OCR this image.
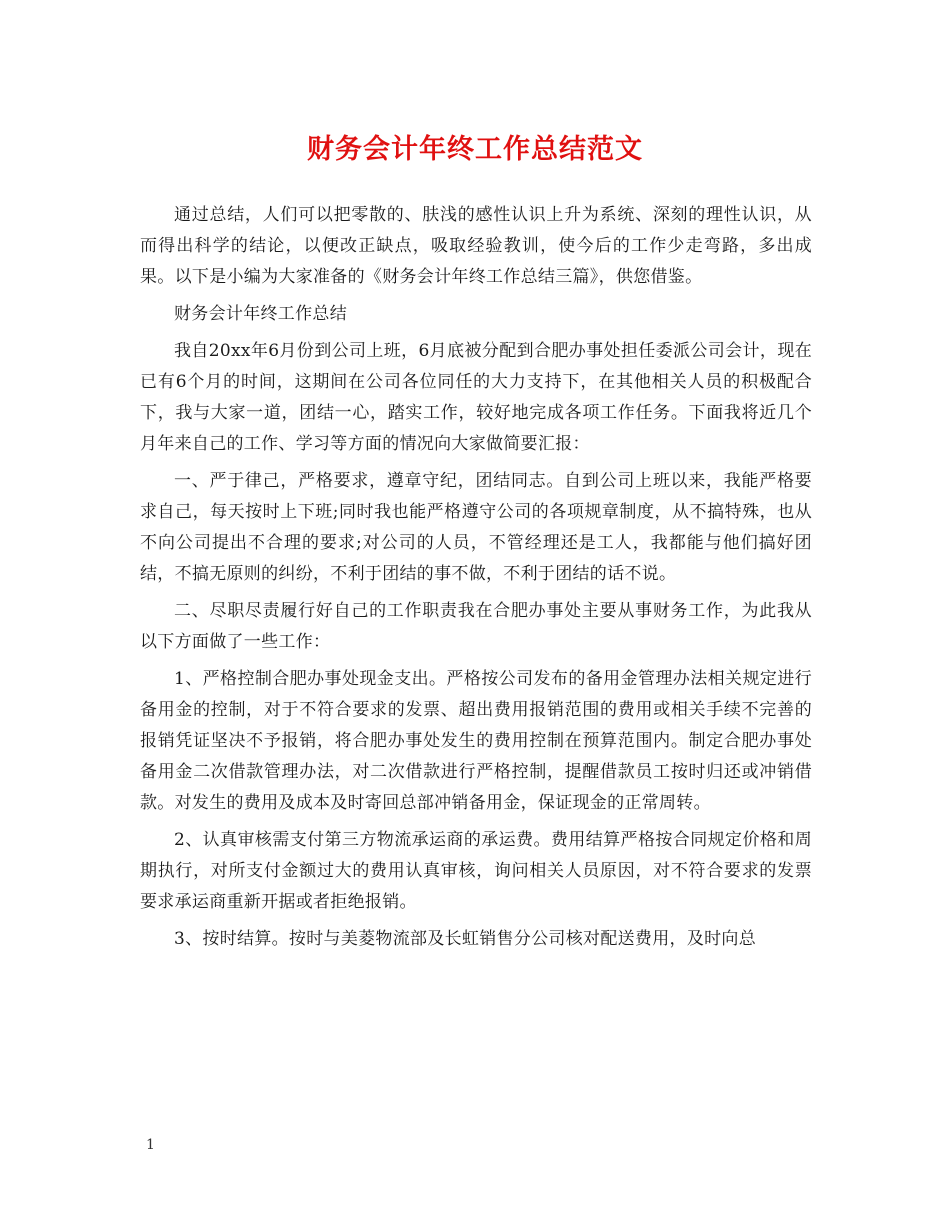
财务会计年终工作总结范文

通过总结，人们可以把零散的、肤浅的感性认识上升为系统、深刻的理性认识，从而得出科学的结论，以便改正缺点，吸取经验教训，使今后的工作少走弯路，多出成果。以下是小编为大家准备的《财务会计年终工作总结三篇》，供您借鉴。

财务会计年终工作总结

我自20xx年6月份到公司上班，6月底被分配到合肥办事处担任委派公司会计，现在已有6个月的时间，这期间在公司各位同任的大力支持下，在其他相关人员的积极配合下，我与大家一道，团结一心，踏实工作，较好地完成各项工作任务。下面我将近几个月年来自己的工作、学习等方面的情况向大家做简要汇报：

一、严于律己，严格要求，遵章守纪，团结同志。自到公司上班以来，我能严格要求自己，每天按时上下班;同时我也能严格遵守公司的各项规章制度，从不搞特殊，也从不向公司提出不合理的要求;对公司的人员，不管经理还是工人，我都能与他们搞好团结，不搞无原则的纠纷，不利于团结的事不做，不利于团结的话不说。

二、尽职尽责履行好自己的工作职责我在合肥办事处主要从事财务工作，为此我从以下方面做了一些工作：

1、严格控制合肥办事处现金支出。严格按公司发布的备用金管理办法相关规定进行备用金的控制，对于不符合要求的发票、超出费用报销范围的费用或相关手续不完善的报销凭证坚决不予报销，将合肥办事处发生的费用控制在预算范围内。制定合肥办事处备用金二次借款管理办法，对二次借款进行严格控制，提醒借款员工按时归还或冲销借款。对发生的费用及成本及时寄回总部冲销备用金，保证现金的正常周转。

2、认真审核需支付第三方物流承运商的承运费。费用结算严格按合同规定价格和周期执行，对所支付金额过大的费用认真审核，询问相关人员原因，对不符合要求的发票要求承运商重新开据或者拒绝报销。

3、按时结算。按时与美菱物流部及长虹销售分公司核对配送费用，及时向总

1
